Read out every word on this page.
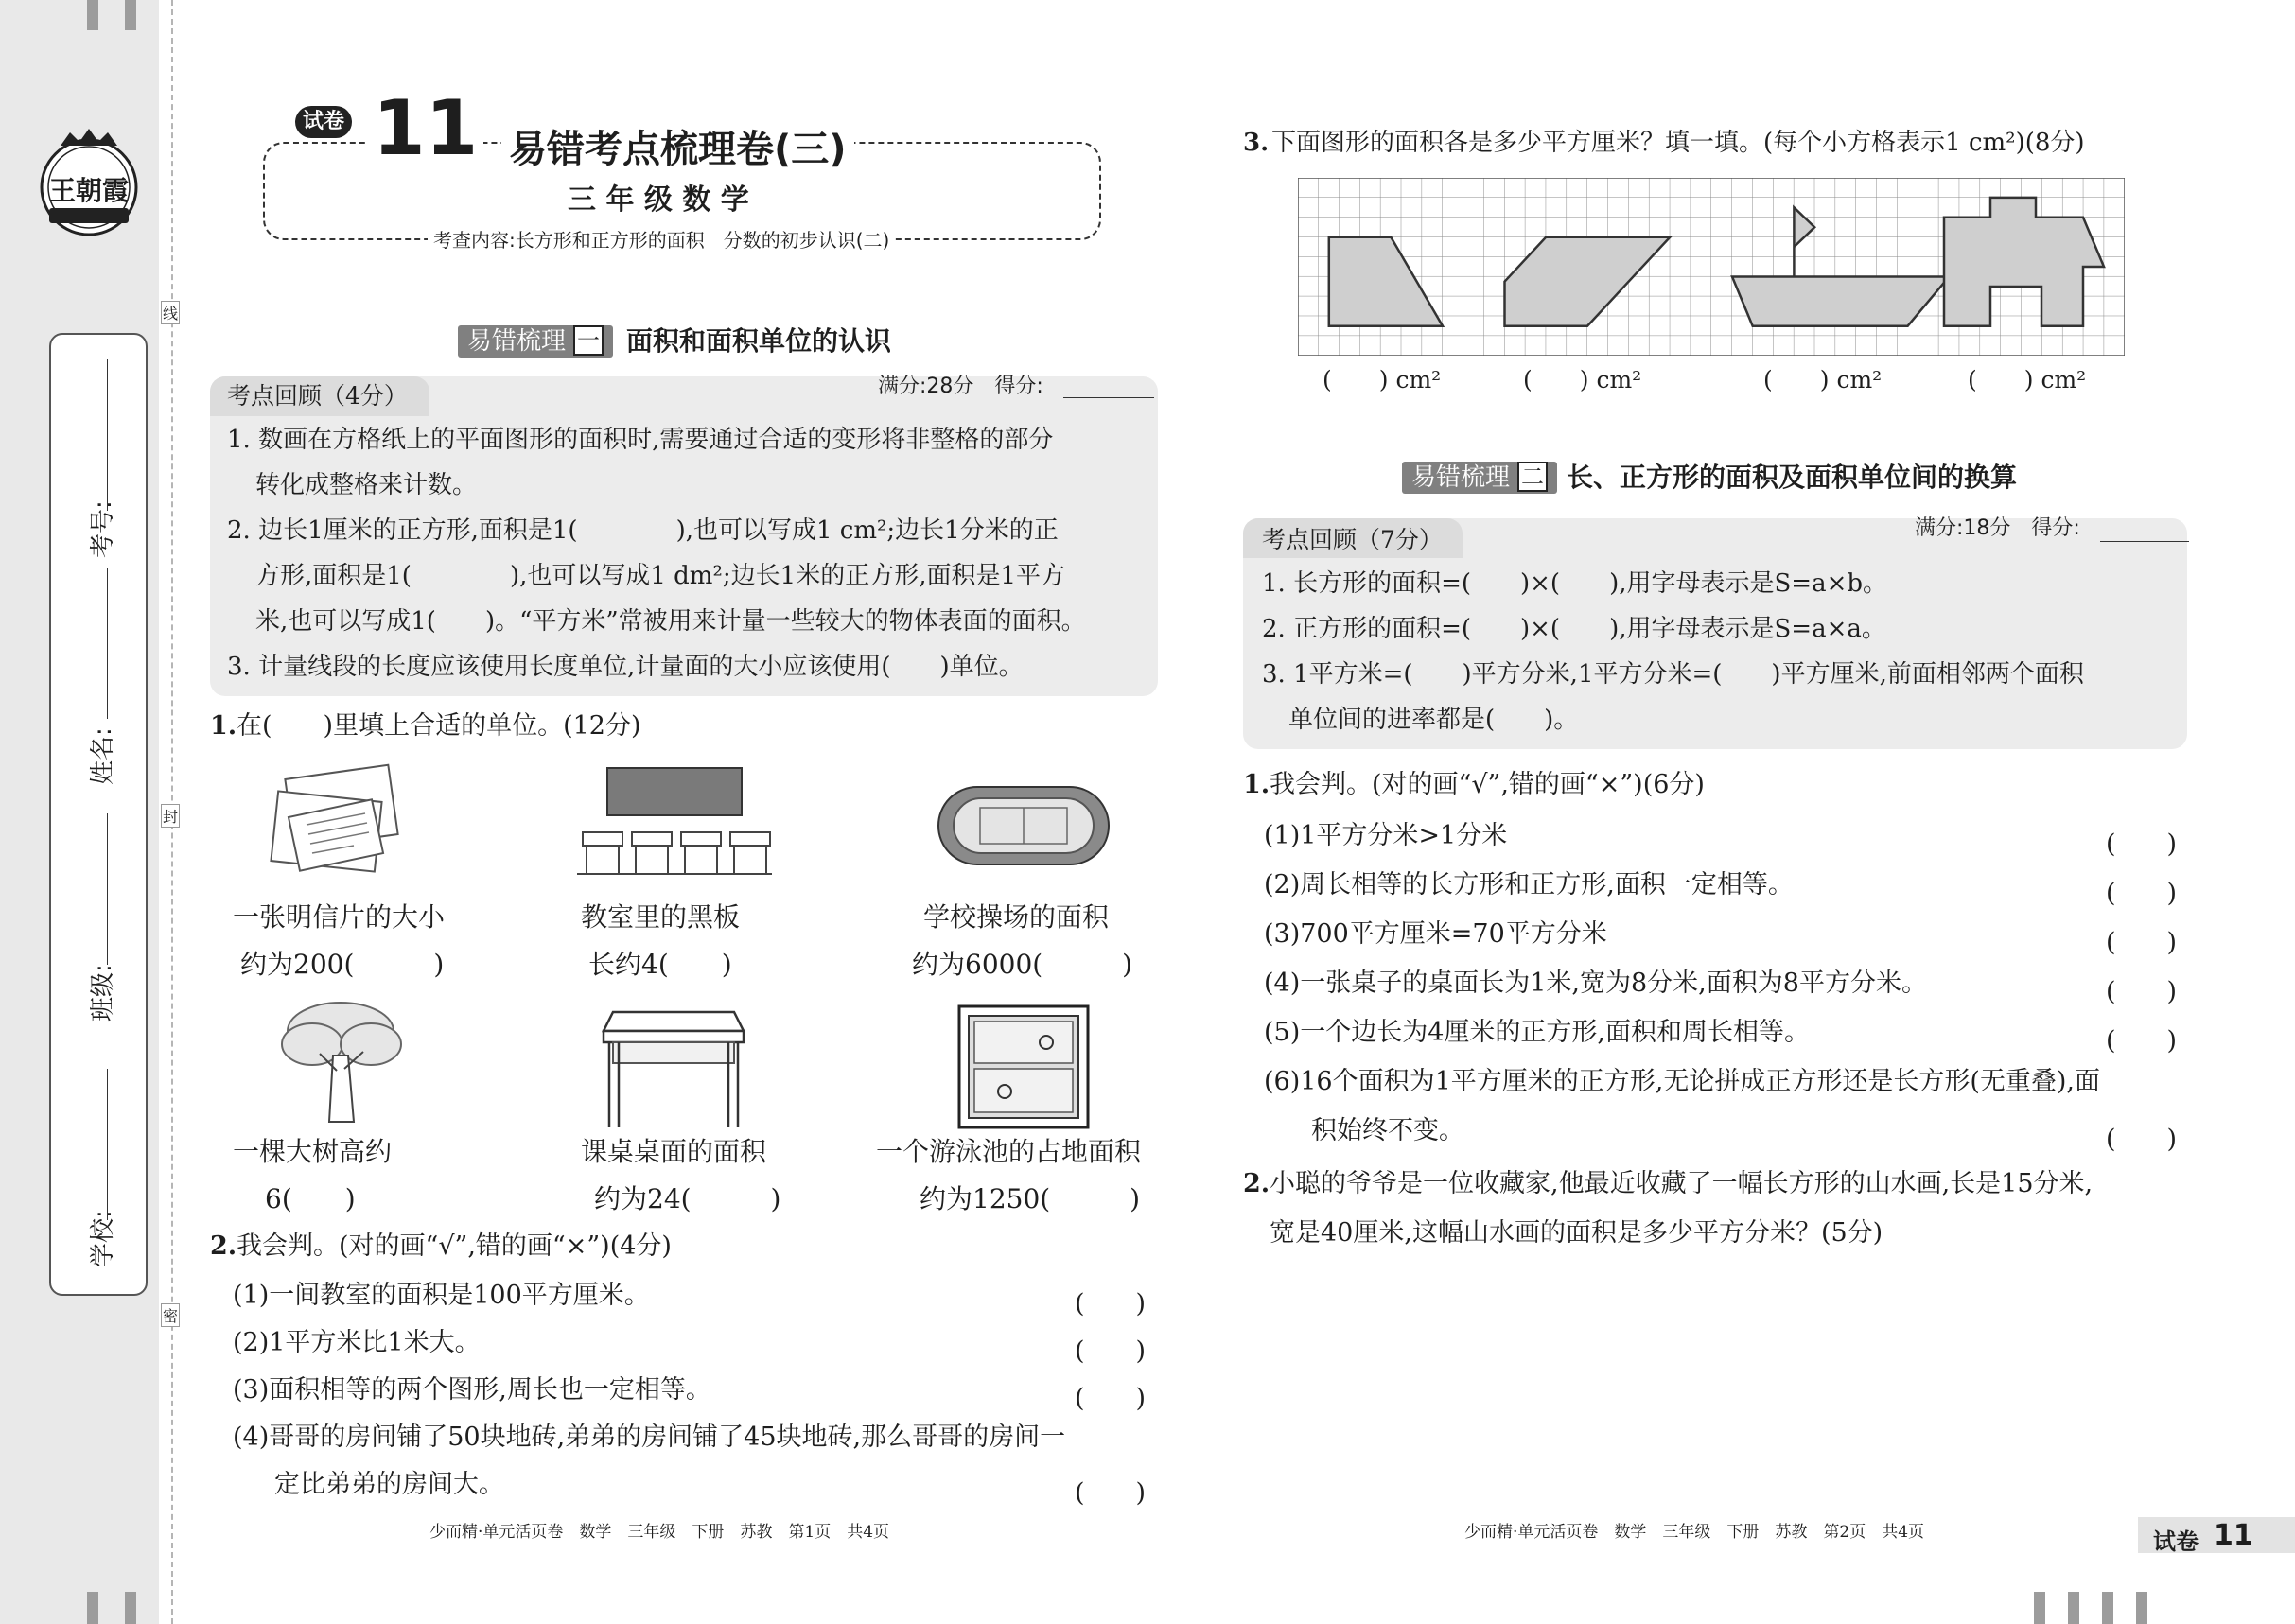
王朝霞
学校:
班级:
姓名:
考号:
线
封
密
试卷 11 易错考点梳理卷(三)
三 年 级 数 学
考查内容:长方形和正方形的面积　分数的初步认识(二)
易错梳理 一 面积和面积单位的认识
考点回顾（4分）	满分:28分　得分:
1. 数画在方格纸上的平面图形的面积时,需要通过合适的变形将非整格的部分
转化成整格来计数。
2. 边长1厘米的正方形,面积是1(　　　　),也可以写成1 cm²;边长1分米的正
方形,面积是1(　　　　),也可以写成1 dm²;边长1米的正方形,面积是1平方
米,也可以写成1(　　)。“平方米”常被用来计量一些较大的物体表面的面积。
3. 计量线段的长度应该使用长度单位,计量面的大小应该使用(　　)单位。
1. 在(　　)里填上合适的单位。(12分)
一张明信片的大小
约为200(　　　)
教室里的黑板
长约4(　　)
学校操场的面积
约为6000(　　　)
一棵大树高约
6(　　)
课桌桌面的面积
约为24(　　　)
一个游泳池的占地面积
约为1250(　　　)
2. 我会判。(对的画“√”,错的画“×”)(4分)
(1)一间教室的面积是100平方厘米。	(　　)
(2)1平方米比1米大。	(　　)
(3)面积相等的两个图形,周长也一定相等。	(　　)
(4)哥哥的房间铺了50块地砖,弟弟的房间铺了45块地砖,那么哥哥的房间一
定比弟弟的房间大。	(　　)
少而精·单元活页卷　数学　三年级　下册　苏教　第1页　共4页
3. 下面图形的面积各是多少平方厘米？填一填。(每个小方格表示1 cm²)(8分)
(　　) cm²	(　　) cm²	(　　) cm²	(　　) cm²
易错梳理 二 长、正方形的面积及面积单位间的换算
考点回顾（7分）	满分:18分　得分:
1. 长方形的面积=(　　)×(　　),用字母表示是S=a×b。
2. 正方形的面积=(　　)×(　　),用字母表示是S=a×a。
3. 1平方米=(　　)平方分米,1平方分米=(　　)平方厘米,前面相邻两个面积
单位间的进率都是(　　)。
1. 我会判。(对的画“√”,错的画“×”)(6分)
(1)1平方分米>1分米	(　　)
(2)周长相等的长方形和正方形,面积一定相等。	(　　)
(3)700平方厘米=70平方分米	(　　)
(4)一张桌子的桌面长为1米,宽为8分米,面积为8平方分米。	(　　)
(5)一个边长为4厘米的正方形,面积和周长相等。	(　　)
(6)16个面积为1平方厘米的正方形,无论拼成正方形还是长方形(无重叠),面
积始终不变。	(　　)
2. 小聪的爷爷是一位收藏家,他最近收藏了一幅长方形的山水画,长是15分米,
宽是40厘米,这幅山水画的面积是多少平方分米？(5分)
少而精·单元活页卷　数学　三年级　下册　苏教　第2页　共4页	试卷 11
